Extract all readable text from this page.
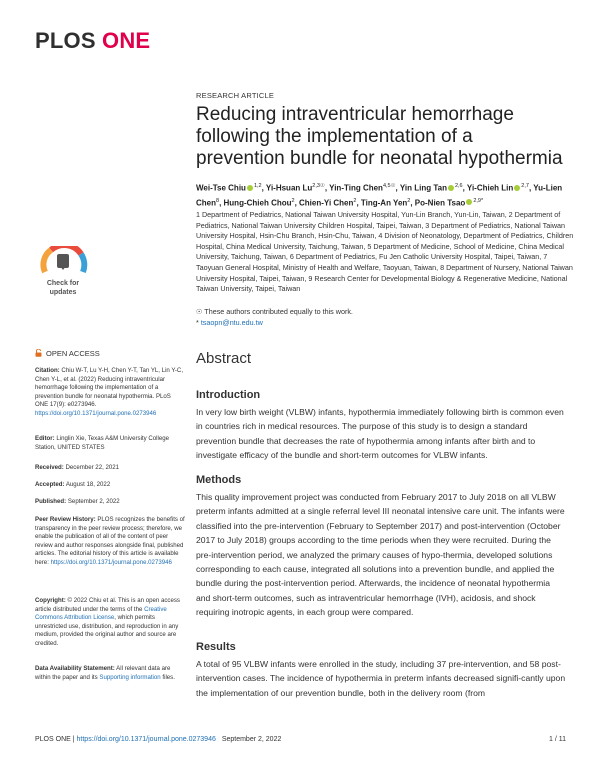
PLOS ONE
RESEARCH ARTICLE
Reducing intraventricular hemorrhage following the implementation of a prevention bundle for neonatal hypothermia
Wei-Tse Chiu $^{1,2}$, Yi-Hsuan $Lu^{2,3☉}$, Yin-Ting Chen$^{4,5☉}$, Yin Ling Tan $^{2,6}$, Yi-Chieh Lin $^{2,7}$, Yu-Lien Chen$^8$, Hung-Chieh Chou$^2$, Chien-Yi Chen$^2$, Ting-An Yen$^2$, Po-Nien Tsao $^{2,9*}$
1 Department of Pediatrics, National Taiwan University Hospital, Yun-Lin Branch, Yun-Lin, Taiwan, 2 Department of Pediatrics, National Taiwan University Children Hospital, Taipei, Taiwan, 3 Department of Pediatrics, National Taiwan University Hospital, Hsin-Chu Branch, Hsin-Chu, Taiwan, 4 Division of Neonatology, Department of Pediatrics, Children Hospital, China Medical University, Taichung, Taiwan, 5 Department of Medicine, School of Medicine, China Medical University, Taichung, Taiwan, 6 Department of Pediatrics, Fu Jen Catholic University Hospital, Taipei, Taiwan, 7 Taoyuan General Hospital, Ministry of Health and Welfare, Taoyuan, Taiwan, 8 Department of Nursery, National Taiwan University Hospital, Taipei, Taiwan, 9 Research Center for Developmental Biology & Regenerative Medicine, National Taiwan University, Taipei, Taiwan
☉ These authors contributed equally to this work.
* tsaopn@ntu.edu.tw
Abstract
Introduction

In very low birth weight (VLBW) infants, hypothermia immediately following birth is common even in countries rich in medical resources. The purpose of this study is to design a standard prevention bundle that decreases the rate of hypothermia among infants after birth and to investigate efficacy of the bundle and short-term outcomes for VLBW infants.

Methods

This quality improvement project was conducted from February 2017 to July 2018 on all VLBW preterm infants admitted at a single referral level III neonatal intensive care unit. The infants were classified into the pre-intervention (February to September 2017) and post-intervention (October 2017 to July 2018) groups according to the time periods when they were recruited. During the pre-intervention period, we analyzed the primary causes of hypo-thermia, developed solutions corresponding to each cause, integrated all solutions into a prevention bundle, and applied the bundle during the post-intervention period. Afterwards, the incidence of neonatal hypothermia and short-term outcomes, such as intraventricular hemorrhage (IVH), acidosis, and shock requiring inotropic agents, in each group were compared.

Results

A total of 95 VLBW infants were enrolled in the study, including 37 pre-intervention, and 58 post-intervention cases. The incidence of hypothermia in preterm infants decreased signifi-cantly upon the implementation of our prevention bundle, both in the delivery room (from

Check for
updates
OPEN ACCESS
Citation: Chiu W-T, Lu Y-H, Chen Y-T, Tan YL, Lin Y-C, Chen Y-L, et al. (2022) Reducing intraventricular hemorrhage following the implementation of a prevention bundle for neonatal hypothermia. PLoS ONE 17(9): e0273946. https://doi.org/10.1371/journal.pone.0273946
Editor: Linglin Xie, Texas A&M University College Station, UNITED STATES
Received: December 22, 2021
Accepted: August 18, 2022
Published: September 2, 2022
Peer Review History: PLOS recognizes the benefits of transparency in the peer review process; therefore, we enable the publication of all of the content of peer review and author responses alongside final, published articles. The editorial history of this article is available here: https://doi.org/10.1371/journal.pone.0273946
Copyright: © 2022 Chiu et al. This is an open access article distributed under the terms of the Creative Commons Attribution License, which permits unrestricted use, distribution, and reproduction in any medium, provided the original author and source are credited.
Data Availability Statement: All relevant data are within the paper and its Supporting information files.
PLOS ONE | https://doi.org/10.1371/journal.pone.0273946 September 2, 2022	1 / 11
